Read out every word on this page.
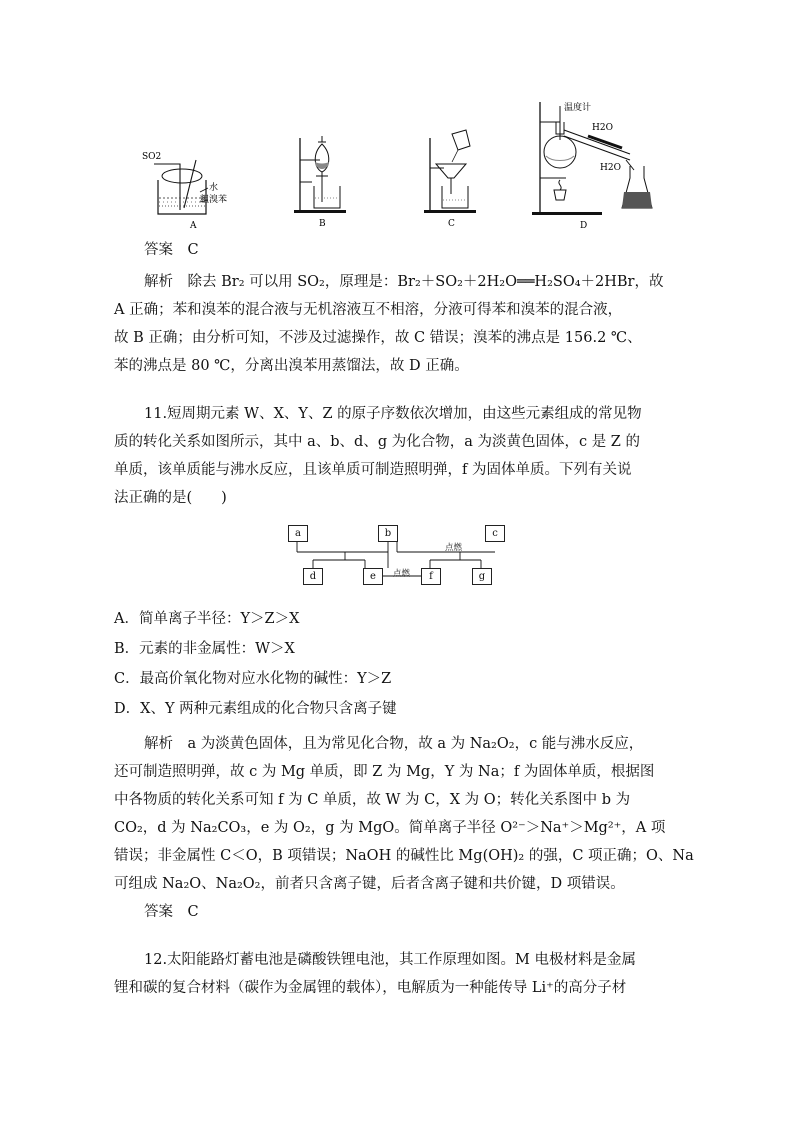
SO2
水
粗溴苯
A	B	C
温度计
H2O
H2O
D
答案　 C
解析　 除去 Br₂ 可以用 SO₂，原理是：Br₂＋SO₂＋2H₂O══H₂SO₄＋2HBr，故
A 正确；苯和溴苯的混合液与无机溶液互不相溶，分液可得苯和溴苯的混合液，
故 B 正确；由分析可知，不涉及过滤操作，故 C 错误；溴苯的沸点是 156.2 ℃、
苯的沸点是 80 ℃，分离出溴苯用蒸馏法，故 D 正确。
11.短周期元素 W、X、Y、Z 的原子序数依次增加，由这些元素组成的常见物
质的转化关系如图所示，其中 a、b、d、g 为化合物，a 为淡黄色固体，c 是 Z 的
单质，该单质能与沸水反应，且该单质可制造照明弹，f 为固体单质。下列有关说
法正确的是(　　)
a	b	c
d	e	f	g
点燃
点燃
A．简单离子半径：Y＞Z＞X
B．元素的非金属性：W＞X
C．最高价氧化物对应水化物的碱性：Y＞Z
D．X、Y 两种元素组成的化合物只含离子键
解析　 a 为淡黄色固体，且为常见化合物，故 a 为 Na₂O₂，c 能与沸水反应，
还可制造照明弹，故 c 为 Mg 单质，即 Z 为 Mg，Y 为 Na；f 为固体单质，根据图
中各物质的转化关系可知 f 为 C 单质，故 W 为 C，X 为 O；转化关系图中 b 为
CO₂，d 为 Na₂CO₃，e 为 O₂，g 为 MgO。简单离子半径 O²⁻＞Na⁺＞Mg²⁺，A 项
错误；非金属性 C＜O，B 项错误；NaOH 的碱性比 Mg(OH)₂ 的强，C 项正确；O、Na
可组成 Na₂O、Na₂O₂，前者只含离子键，后者含离子键和共价键，D 项错误。
答案　 C
12.太阳能路灯蓄电池是磷酸铁锂电池，其工作原理如图。M 电极材料是金属
锂和碳的复合材料（碳作为金属锂的载体），电解质为一种能传导 Li⁺的高分子材
